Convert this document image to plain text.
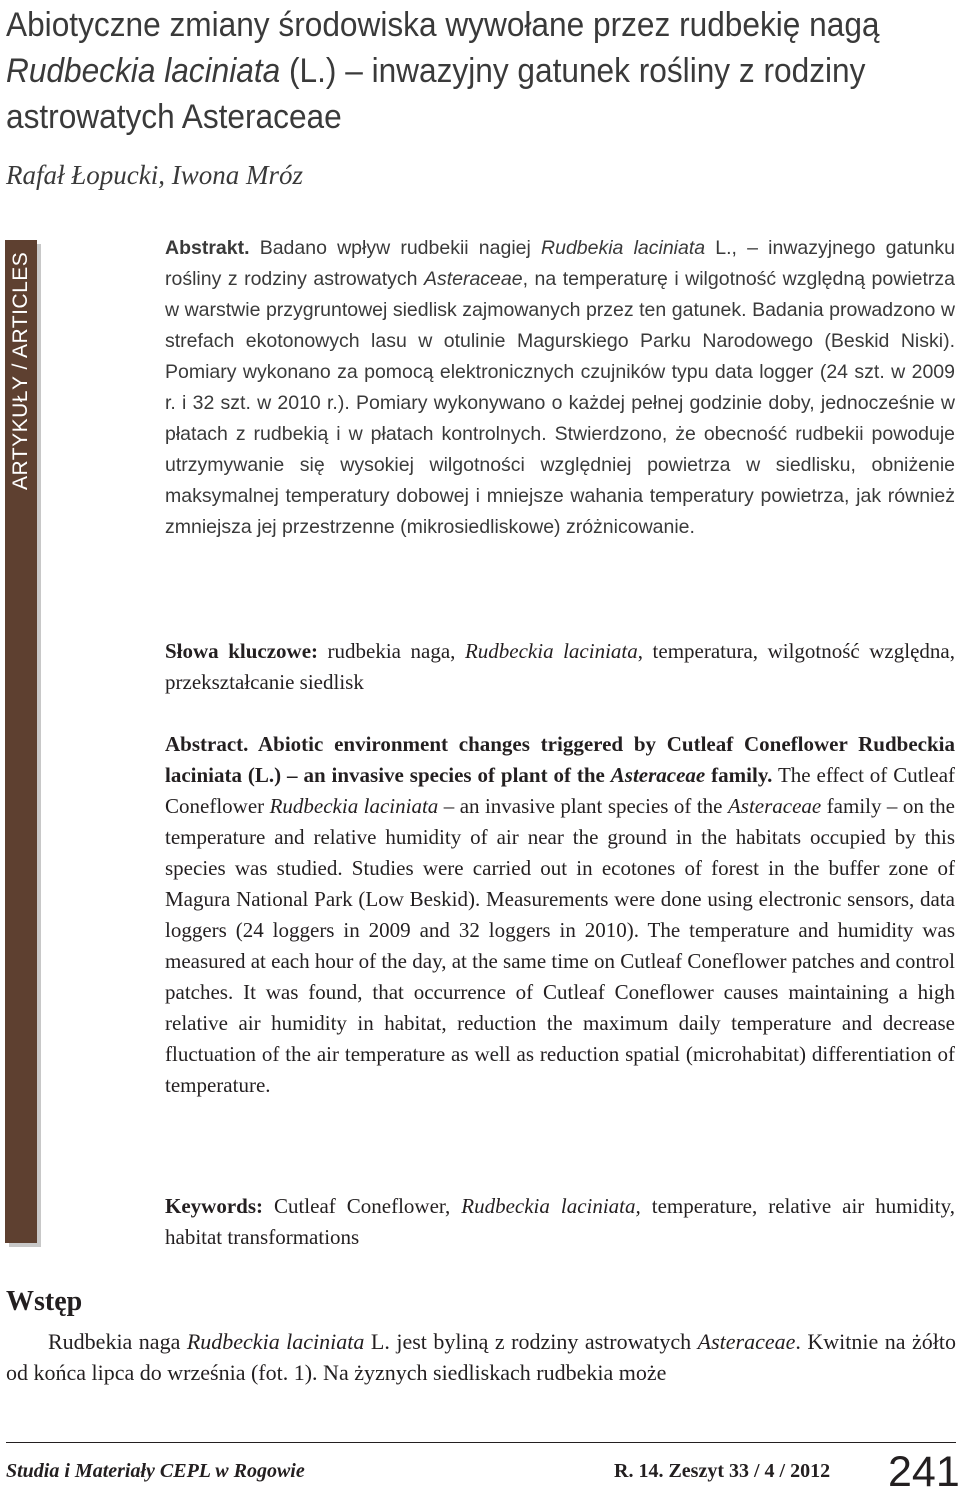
Abiotyczne zmiany środowiska wywołane przez rudbekię nagą Rudbeckia laciniata (L.) – inwazyjny gatunek rośliny z rodziny astrowatych Asteraceae
Rafał Łopucki, Iwona Mróz
ARTYKUŁY / ARTICLES

Abstrakt. Badano wpływ rudbekii nagiej Rudbekia laciniata L., – inwazyjnego gatunku rośliny z rodziny astrowatych Asteraceae, na temperaturę i wilgotność względną powietrza w warstwie przygruntowej siedlisk zajmowanych przez ten gatunek. Badania prowadzono w strefach ekotonowych lasu w otulinie Magurskiego Parku Narodowego (Beskid Niski). Pomiary wykonano za pomocą elektronicznych czujników typu data logger (24 szt. w 2009 r. i 32 szt. w 2010 r.). Pomiary wykonywano o każdej pełnej godzinie doby, jednocześnie w płatach z rudbekią i w płatach kontrolnych. Stwierdzono, że obecność rudbekii powoduje utrzymywanie się wysokiej wilgotności względniej powietrza w siedlisku, obniżenie maksymalnej temperatury dobowej i mniejsze wahania temperatury powietrza, jak również zmniejsza jej przestrzenne (mikrosiedliskowe) zróżnicowanie.

Słowa kluczowe: rudbekia naga, Rudbeckia laciniata, temperatura, wilgotność względna, przekształcanie siedlisk

Abstract. Abiotic environment changes triggered by Cutleaf Coneflower Rudbeckia laciniata (L.) – an invasive species of plant of the Asteraceae family. The effect of Cutleaf Coneflower Rudbeckia laciniata – an invasive plant species of the Asteraceae family – on the temperature and relative humidity of air near the ground in the habitats occupied by this species was studied. Studies were carried out in ecotones of forest in the buffer zone of Magura National Park (Low Beskid). Measurements were done using electronic sensors, data loggers (24 loggers in 2009 and 32 loggers in 2010). The temperature and humidity was measured at each hour of the day, at the same time on Cutleaf Coneflower patches and control patches. It was found, that occurrence of Cutleaf Coneflower causes maintaining a high relative air humidity in habitat, reduction the maximum daily temperature and decrease fluctuation of the air temperature as well as reduction spatial (microhabitat) differentiation of temperature.

Keywords: Cutleaf Coneflower, Rudbeckia laciniata, temperature, relative air humidity, habitat transformations

Wstęp

Rudbekia naga Rudbeckia laciniata L. jest byliną z rodziny astrowatych Asteraceae. Kwitnie na żółto od końca lipca do września (fot. 1). Na żyznych siedliskach rudbekia może

Studia i Materiały CEPL w Rogowie	R. 14. Zeszyt 33 / 4 / 2012 241
